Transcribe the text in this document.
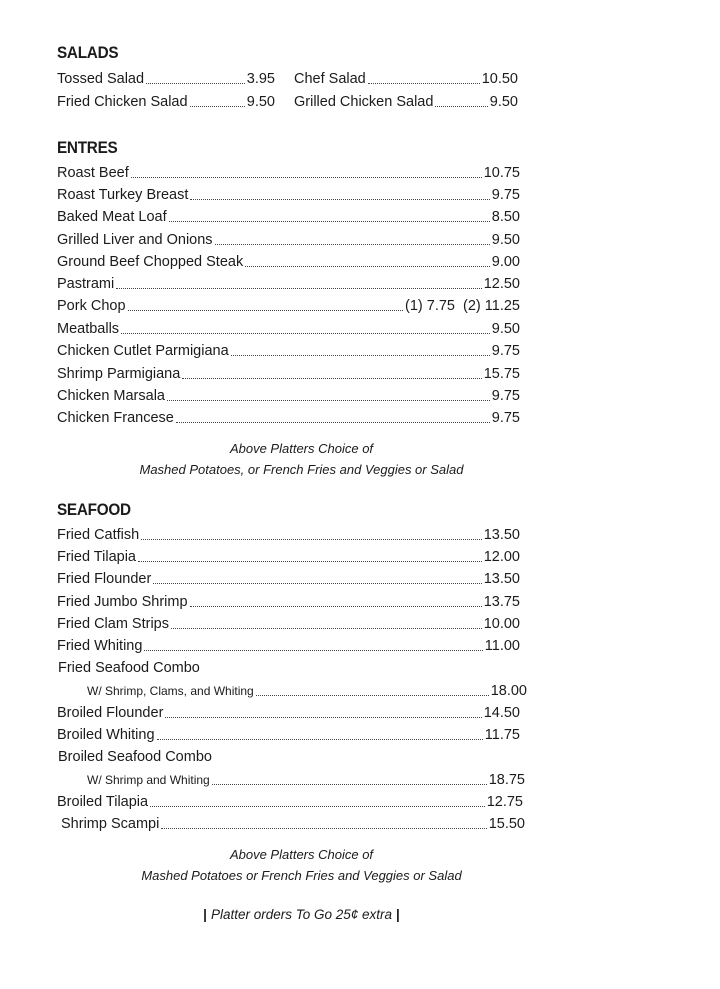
SALADS
Tossed Salad	3.95 Chef Salad	10.50
Fried Chicken Salad	9.50 Grilled Chicken Salad	9.50
ENTRES
Roast Beef	10.75
Roast Turkey Breast	9.75
Baked Meat Loaf	8.50
Grilled Liver and Onions	9.50
Ground Beef Chopped Steak	9.00
Pastrami	12.50
Pork Chop	(1) 7.75  (2) 11.25
Meatballs	9.50
Chicken Cutlet Parmigiana	9.75
Shrimp Parmigiana	15.75
Chicken Marsala	9.75
Chicken Francese	9.75
Above Platters Choice of
Mashed Potatoes, or French Fries and Veggies or Salad
SEAFOOD
Fried Catfish	13.50
Fried Tilapia	12.00
Fried Flounder	13.50
Fried Jumbo Shrimp	13.75
Fried Clam Strips	10.00
Fried Whiting	11.00
Fried Seafood Combo
W/ Shrimp, Clams, and Whiting	18.00
Broiled Flounder	14.50
Broiled Whiting	11.75
Broiled Seafood Combo
W/ Shrimp and Whiting	18.75
Broiled Tilapia	12.75
Shrimp Scampi	15.50
Above Platters Choice of
Mashed Potatoes or French Fries and Veggies or Salad
| Platter orders To Go 25¢ extra |
